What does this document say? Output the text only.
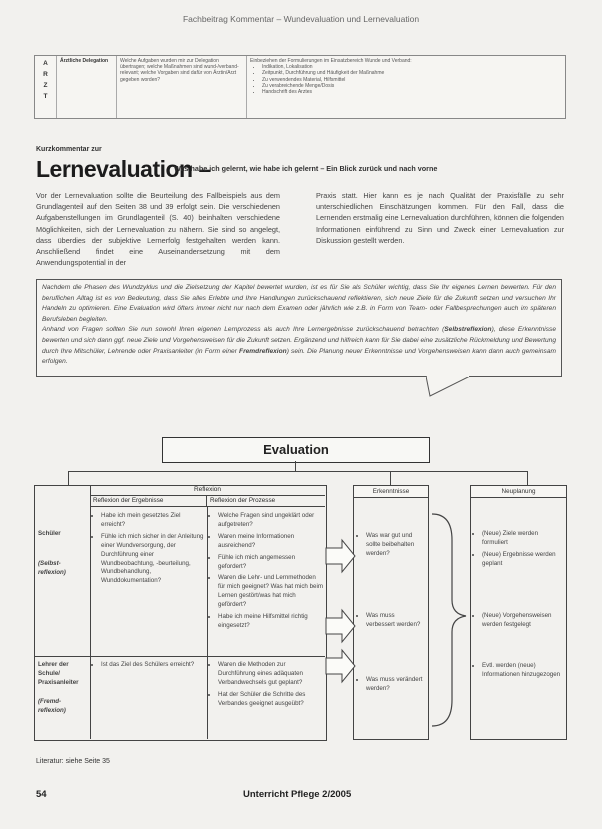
Fachbeitrag Kommentar – Wundevaluation und Lernevaluation
A
R
Z
T
Ärztliche Delegation	Welche Aufgaben wurden mir zur Delegation übertragen; welche Maßnahmen sind wund-/verband-relevant; welche Vorgaben sind dafür von Ärztin/Arzt gegeben worden?
Einbeziehen der Formulierungen im Einsatzbereich Wunde und Verband:
• Indikation, Lokalisation
• Zeitpunkt, Durchführung und Häufigkeit der Maßnahme
• Zu verwendendes Material, Hilfsmittel
• Zu verabreichende Menge/Dosis
• Handschrift des Arztes
Kurzkommentar zur
Lernevaluation –
Was habe ich gelernt, wie habe ich gelernt – Ein Blick zurück und nach vorne
Vor der Lernevaluation sollte die Beurteilung des Fallbeispiels aus dem Grundlagenteil auf den Seiten 38 und 39 erfolgt sein. Die verschiedenen Aufgabenstellungen im Grundlagenteil (S. 40) beinhalten verschiedene Möglichkeiten, sich der Lernevaluation zu nähern. Sie sind so angelegt, dass überdies der subjektive Lernerfolg festgehalten werden kann. Anschließend findet eine Auseinandersetzung mit dem Anwendungspotential in der
Praxis statt. Hier kann es je nach Qualität der Praxisfälle zu sehr unterschiedlichen Einschätzungen kommen. Für den Fall, dass die Lernenden erstmalig eine Lernevaluation durchführen, können die folgenden Informationen einführend zu Sinn und Zweck einer Lernevaluation zur Diskussion gestellt werden.
Nachdem die Phasen des Wundzyklus und die Zielsetzung der Kapitel bewertet wurden, ist es für Sie als Schüler wichtig, dass Sie Ihr eigenes Lernen bewerten. Für den beruflichen Alltag ist es von Bedeutung, dass Sie alles Erlebte und Ihre Handlungen zurückschauend reflektieren, sich neue Ziele für die Zukunft setzen und versuchen Ihr Handeln zu optimieren. Eine Evaluation wird öfters immer nicht nur nach dem Examen oder jährlich wie z.B. in Form von Team- oder Fallbesprechungen auch im späteren Berufsleben begleiten.
Anhand von Fragen sollten Sie nun sowohl Ihren eigenen Lernprozess als auch Ihre Lernergebnisse zurückschauend betrachten (Selbstreflexion), diese Erkenntnisse bewerten und sich dann ggf. neue Ziele und Vorgehensweisen für die Zukunft setzen. Ergänzend und hilfreich kann für Sie dabei eine zusätzliche Rückmeldung und Bewertung durch Ihre Mitschüler, Lehrende oder Praxisanleiter (in Form einer Fremdreflexion) sein. Die Planung neuer Erkenntnisse und Vorgehensweisen kann dann auch gemeinsam erfolgen.
Evaluation
Reflexion
Reflexion der Ergebnisse	Reflexion der Prozesse
Erkenntnisse	Neuplanung
Schüler
(Selbst-reflexion)
• Habe ich mein gesetztes Ziel erreicht?
• Fühle ich mich sicher in der Anleitung einer Wundversorgung, der Durchführung einer Wundbeobachtung, -beurteilung, Wundbehandlung, Wunddokumentation?
• Welche Fragen sind ungeklärt oder aufgetreten?
• Waren meine Informationen ausreichend?
• Fühle ich mich angemessen gefordert?
• Waren die Lehr- und Lernmethoden für mich geeignet? Was hat mich beim Lernen gestört/was hat mich gefördert?
• Habe ich meine Hilfsmittel richtig eingesetzt?
• Was war gut und sollte beibehalten werden?
• Was muss verbessert werden?
Lehrer der Schule/ Praxisanleiter
(Fremd-reflexion)
• Ist das Ziel des Schülers erreicht?
•	Waren die Methoden zur Durchführung eines adäquaten Verbandwechsels gut geplant?
• Hat der Schüler die Schritte des Verbandes geeignet ausgeübt?
• Was muss verändert werden?
• (Neue) Ziele werden formuliert
• (Neue) Ergebnisse werden geplant
• (Neue) Vorgehensweisen werden festgelegt
• Evtl. werden (neue) Informationen hinzugezogen
Literatur: siehe Seite 35
54	Unterricht Pflege 2/2005
